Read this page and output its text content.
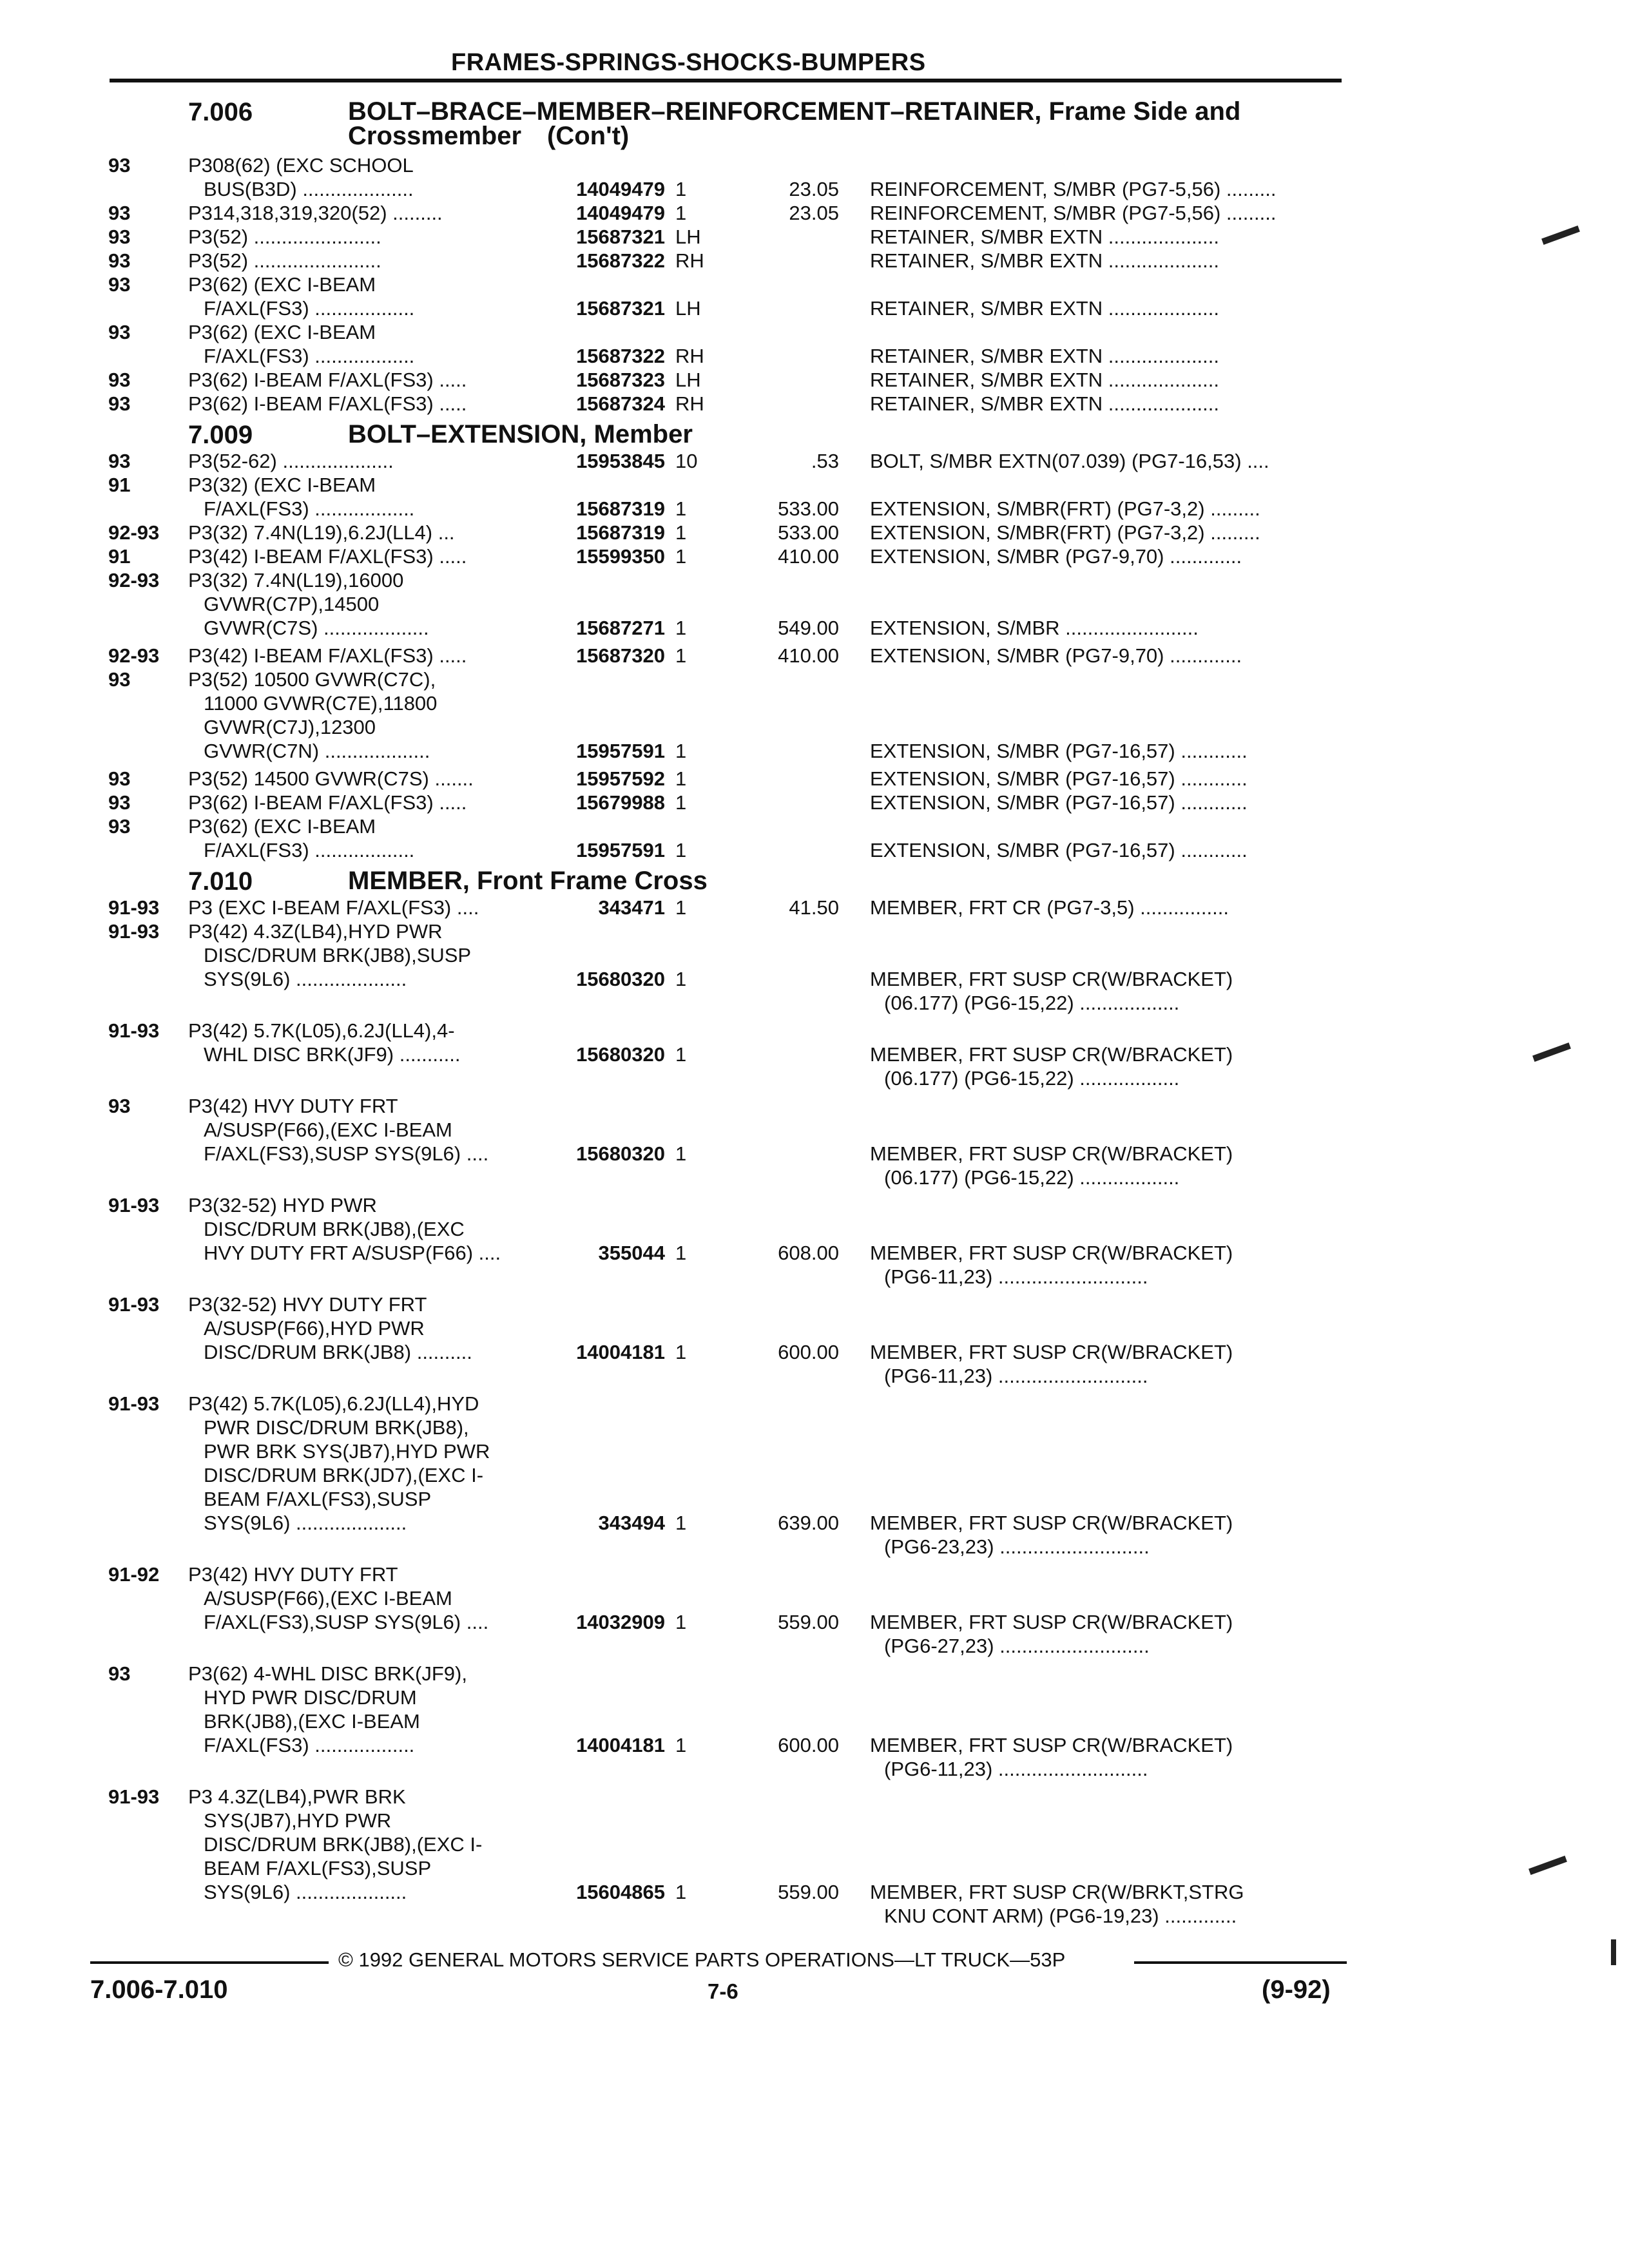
FRAMES-SPRINGS-SHOCKS-BUMPERS
7.006	BOLT–BRACE–MEMBER–REINFORCEMENT–RETAINER, Frame Side and
Crossmember (Con't)
93	P308(62) (EXC SCHOOL
BUS(B3D) ....................	14049479 1	23.05 REINFORCEMENT, S/MBR (PG7-5,56) .........
93	P314,318,319,320(52) .........	14049479 1	23.05 REINFORCEMENT, S/MBR (PG7-5,56) .........
93	P3(52) .......................	15687321 LH	RETAINER, S/MBR EXTN ....................
93	P3(52) .......................	15687322 RH	RETAINER, S/MBR EXTN ....................
93	P3(62) (EXC I-BEAM
F/AXL(FS3) ..................	15687321 LH	RETAINER, S/MBR EXTN ....................
93	P3(62) (EXC I-BEAM
F/AXL(FS3) ..................	15687322 RH	RETAINER, S/MBR EXTN ....................
93	P3(62) I-BEAM F/AXL(FS3) .....	15687323 LH	RETAINER, S/MBR EXTN ....................
93	P3(62) I-BEAM F/AXL(FS3) .....	15687324 RH	RETAINER, S/MBR EXTN ....................
7.009	BOLT–EXTENSION, Member
93	P3(52-62) ....................	15953845 10	.53 BOLT, S/MBR EXTN(07.039) (PG7-16,53) ....
91	P3(32) (EXC I-BEAM
F/AXL(FS3) ..................	15687319 1	533.00 EXTENSION, S/MBR(FRT) (PG7-3,2) .........
92-93 P3(32) 7.4N(L19),6.2J(LL4) ...	15687319 1	533.00 EXTENSION, S/MBR(FRT) (PG7-3,2) .........
91	P3(42) I-BEAM F/AXL(FS3) .....	15599350 1	410.00 EXTENSION, S/MBR (PG7-9,70) .............
92-93 P3(32) 7.4N(L19),16000
GVWR(C7P),14500
GVWR(C7S) ...................	15687271 1	549.00 EXTENSION, S/MBR ........................
92-93 P3(42) I-BEAM F/AXL(FS3) .....	15687320 1	410.00 EXTENSION, S/MBR (PG7-9,70) .............
93	P3(52) 10500 GVWR(C7C),
11000 GVWR(C7E),11800
GVWR(C7J),12300
GVWR(C7N) ...................	15957591 1	EXTENSION, S/MBR (PG7-16,57) ............
93	P3(52) 14500 GVWR(C7S) .......	15957592 1	EXTENSION, S/MBR (PG7-16,57) ............
93	P3(62) I-BEAM F/AXL(FS3) .....	15679988 1	EXTENSION, S/MBR (PG7-16,57) ............
93	P3(62) (EXC I-BEAM
F/AXL(FS3) ..................	15957591 1	EXTENSION, S/MBR (PG7-16,57) ............
7.010	MEMBER, Front Frame Cross
91-93 P3 (EXC I-BEAM F/AXL(FS3) ....	343471 1	41.50 MEMBER, FRT CR (PG7-3,5) ................
91-93 P3(42) 4.3Z(LB4),HYD PWR
DISC/DRUM BRK(JB8),SUSP
SYS(9L6) ....................	15680320 1	MEMBER, FRT SUSP CR(W/BRACKET)
(06.177) (PG6-15,22) ..................
91-93 P3(42) 5.7K(L05),6.2J(LL4),4-
WHL DISC BRK(JF9) ...........	15680320 1	MEMBER, FRT SUSP CR(W/BRACKET)
(06.177) (PG6-15,22) ..................
93	P3(42) HVY DUTY FRT
A/SUSP(F66),(EXC I-BEAM
F/AXL(FS3),SUSP SYS(9L6) ....	15680320 1	MEMBER, FRT SUSP CR(W/BRACKET)
(06.177) (PG6-15,22) ..................
91-93 P3(32-52) HYD PWR
DISC/DRUM BRK(JB8),(EXC
HVY DUTY FRT A/SUSP(F66) ....	355044 1	608.00 MEMBER, FRT SUSP CR(W/BRACKET)
(PG6-11,23) ...........................
91-93 P3(32-52) HVY DUTY FRT
A/SUSP(F66),HYD PWR
DISC/DRUM BRK(JB8) ..........	14004181 1	600.00 MEMBER, FRT SUSP CR(W/BRACKET)
(PG6-11,23) ...........................
91-93 P3(42) 5.7K(L05),6.2J(LL4),HYD
PWR DISC/DRUM BRK(JB8),
PWR BRK SYS(JB7),HYD PWR
DISC/DRUM BRK(JD7),(EXC I-
BEAM F/AXL(FS3),SUSP
SYS(9L6) ....................	343494 1	639.00 MEMBER, FRT SUSP CR(W/BRACKET)
(PG6-23,23) ...........................
91-92 P3(42) HVY DUTY FRT
A/SUSP(F66),(EXC I-BEAM
F/AXL(FS3),SUSP SYS(9L6) ....	14032909 1	559.00 MEMBER, FRT SUSP CR(W/BRACKET)
(PG6-27,23) ...........................
93	P3(62) 4-WHL DISC BRK(JF9),
HYD PWR DISC/DRUM
BRK(JB8),(EXC I-BEAM
F/AXL(FS3) ..................	14004181 1	600.00 MEMBER, FRT SUSP CR(W/BRACKET)
(PG6-11,23) ...........................
91-93 P3 4.3Z(LB4),PWR BRK
SYS(JB7),HYD PWR
DISC/DRUM BRK(JB8),(EXC I-
BEAM F/AXL(FS3),SUSP
SYS(9L6) ....................	15604865 1	559.00 MEMBER, FRT SUSP CR(W/BRKT,STRG
KNU CONT ARM) (PG6-19,23) .............
© 1992 GENERAL MOTORS SERVICE PARTS OPERATIONS—LT TRUCK—53P
7.006-7.010	7-6	(9-92)
